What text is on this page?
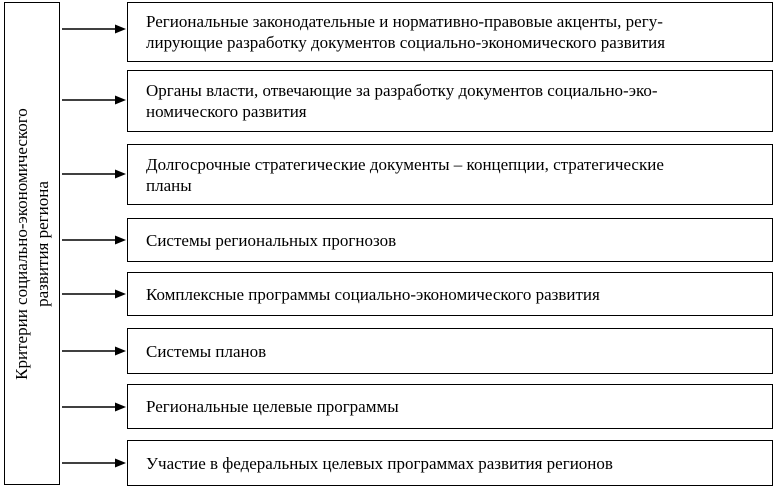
Критерии социально-экономического развития региона
Региональные законодательные и нормативно-правовые акценты, регу-
лирующие разработку документов социально-экономического развития
Органы власти, отвечающие за разработку документов социально-эко-
номического развития
Долгосрочные стратегические документы – концепции, стратегические
планы
Системы региональных прогнозов
Комплексные программы социально-экономического развития
Системы планов
Региональные целевые программы
Участие в федеральных целевых программах развития регионов
